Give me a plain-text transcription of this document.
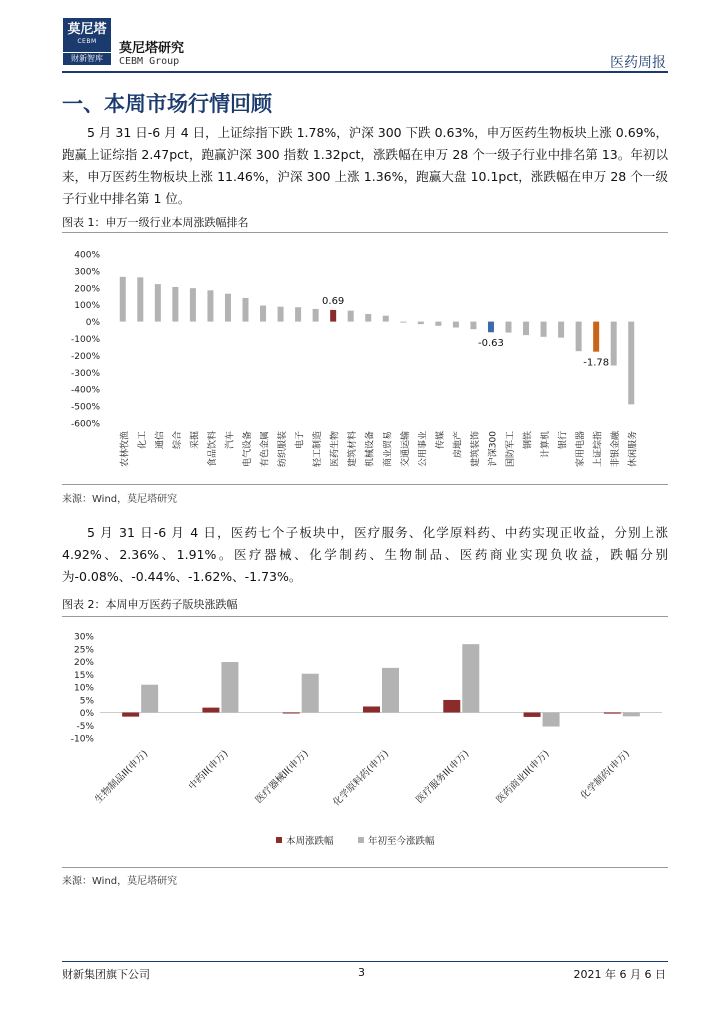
莫尼塔
CEBM
财新智库
莫尼塔研究
CEBM Group	医药周报
一、本周市场行情回顾
5 月 31 日-6 月 4 日，上证综指下跌 1.78%，沪深 300 下跌 0.63%，申万医药生物板块上涨 0.69%，跑赢上证综指 2.47pct，跑赢沪深 300 指数 1.32pct，涨跌幅在申万 28 个一级子行业中排名第 13。年初以来，申万医药生物板块上涨 11.46%，沪深 300 上涨 1.36%，跑赢大盘 10.1pct，涨跌幅在申万 28 个一级子行业中排名第 1 位。
图表 1：申万一级行业本周涨跌幅排名
400%
300%
200%
100%
0%
-100%
-200%
-300%
-400%
-500%
-600%
农林牧渔 化工 通信 综合 采掘 食品饮料 汽车 电气设备 有色金属 纺织服装 电子 轻工制造 医药生物 建筑材料 机械设备 商业贸易 交通运输 公用事业 传媒 房地产 建筑装饰 沪深300 国防军工 钢铁 计算机 银行 家用电器 上证综指 非银金融 休闲服务
0.69
-0.63
-1.78
来源：Wind，莫尼塔研究
5 月 31 日-6 月 4 日，医药七个子板块中，医疗服务、化学原料药、中药实现正收益，分别上涨 4.92%、2.36%、1.91%。医疗器械、化学制药、生物制品、医药商业实现负收益，跌幅分别为-0.08%、-0.44%、-1.62%、-1.73%。
图表 2：本周申万医药子版块涨跌幅
30%
25%
20%
15%
10%
5%
0%
-5%
-10%
生物制品II(申万)	中药II(申万) 医疗器械II(申万) 化学原料药(申万) 医疗服务II(申万) 医药商业II(申万)	化学制药(申万)
本周涨跌幅	年初至今涨跌幅
来源：Wind，莫尼塔研究
财新集团旗下公司	3	2021 年 6 月 6 日
